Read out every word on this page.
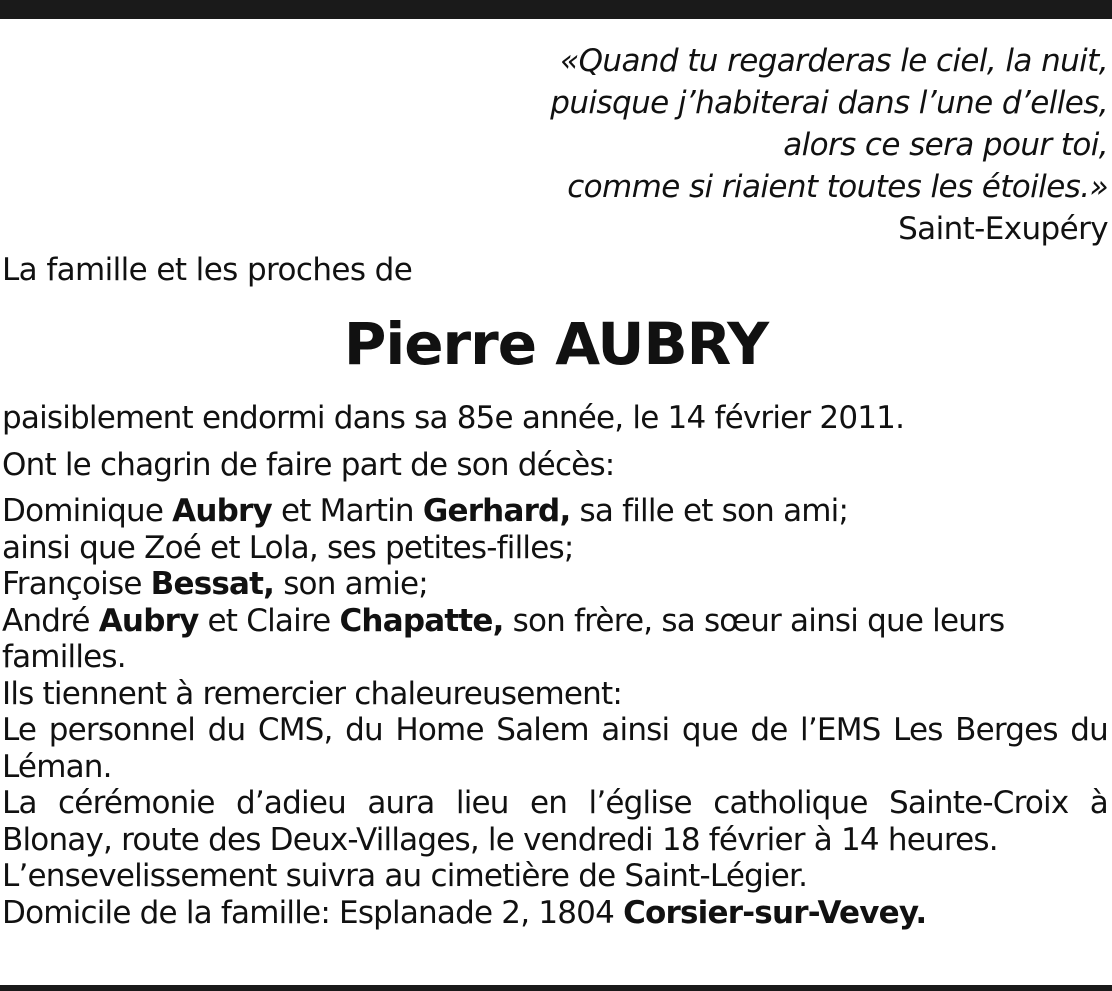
«Quand tu regarderas le ciel, la nuit,
puisque j’habiterai dans l’une d’elles,
alors ce sera pour toi,
comme si riaient toutes les étoiles.»
Saint-Exupéry
La famille et les proches de
Pierre AUBRY

paisiblement endormi dans sa 85e année, le 14 février 2011.

Ont le chagrin de faire part de son décès:

Dominique Aubry et Martin Gerhard, sa fille et son ami;

ainsi que Zoé et Lola, ses petites-filles;

Françoise Bessat, son amie;

André Aubry et Claire Chapatte, son frère, sa sœur ainsi que leurs familles.

Ils tiennent à remercier chaleureusement:

Le personnel du CMS, du Home Salem ainsi que de l’EMS Les Berges du Léman.

La cérémonie d’adieu aura lieu en l’église catholique Sainte-Croix à Blonay, route des Deux-Villages, le vendredi 18 février à 14 heures.

L’ensevelissement suivra au cimetière de Saint-Légier.

Domicile de la famille: Esplanade 2, 1804 Corsier-sur-Vevey.
